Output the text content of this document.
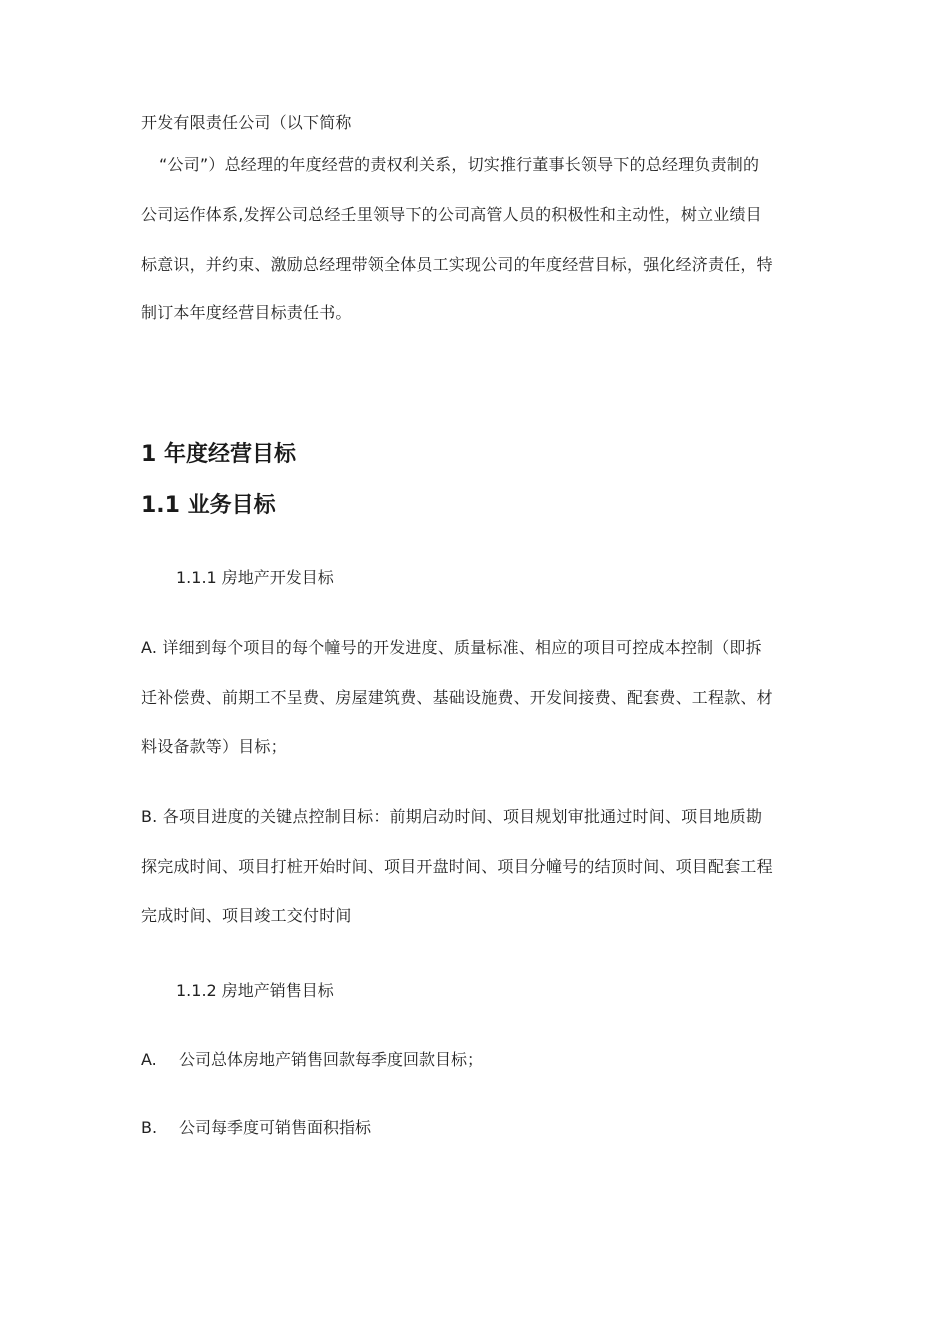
开发有限责任公司（以下简称
“公司”）总经理的年度经营的责权利关系，切实推行董事长领导下的总经理负责制的
公司运作体系,发挥公司总经壬里领导下的公司高管人员的积极性和主动性，树立业绩目
标意识，并约束、激励总经理带领全体员工实现公司的年度经营目标，强化经济责任，特
制订本年度经营目标责任书。
1 年度经营目标
1.1 业务目标
1.1.1 房地产开发目标
A. 详细到每个项目的每个幢号的开发进度、质量标准、相应的项目可控成本控制（即拆
迁补偿费、前期工不呈费、房屋建筑费、基础设施费、开发间接费、配套费、工程款、材
料设备款等）目标；
B. 各项目进度的关键点控制目标：前期启动时间、项目规划审批通过时间、项目地质勘
探完成时间、项目打桩开始时间、项目开盘时间、项目分幢号的结顶时间、项目配套工程
完成时间、项目竣工交付时间
1.1.2 房地产销售目标
A. 公司总体房地产销售回款每季度回款目标；
B. 公司每季度可销售面积指标
